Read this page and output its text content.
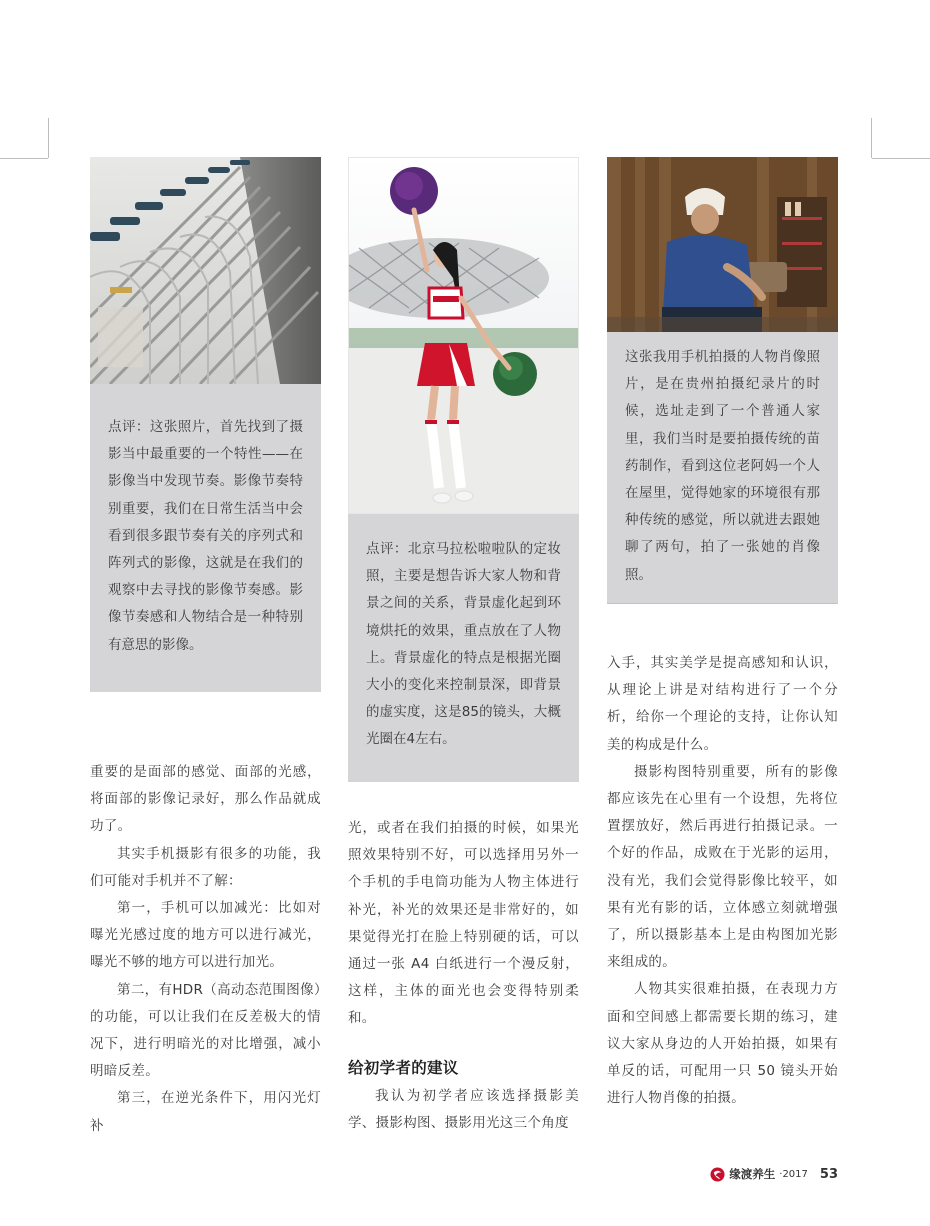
点评：这张照片，首先找到了摄影当中最重要的一个特性——在影像当中发现节奏。影像节奏特别重要，我们在日常生活当中会看到很多跟节奏有关的序列式和阵列式的影像，这就是在我们的观察中去寻找的影像节奏感。影像节奏感和人物结合是一种特别有意思的影像。

点评：北京马拉松啦啦队的定妆照，主要是想告诉大家人物和背景之间的关系，背景虚化起到环境烘托的效果，重点放在了人物上。背景虚化的特点是根据光圈大小的变化来控制景深，即背景的虚实度，这是85的镜头，大概光圈在4左右。

这张我用手机拍摄的人物肖像照片，是在贵州拍摄纪录片的时候，选址走到了一个普通人家里，我们当时是要拍摄传统的苗药制作，看到这位老阿妈一个人在屋里，觉得她家的环境很有那种传统的感觉，所以就进去跟她聊了两句，拍了一张她的肖像照。

重要的是面部的感觉、面部的光感，将面部的影像记录好，那么作品就成功了。

其实手机摄影有很多的功能，我们可能对手机并不了解：

第一，手机可以加减光：比如对曝光光感过度的地方可以进行减光，曝光不够的地方可以进行加光。

第二，有HDR（高动态范围图像）的功能，可以让我们在反差极大的情况下，进行明暗光的对比增强，减小明暗反差。

第三，在逆光条件下，用闪光灯补

光，或者在我们拍摄的时候，如果光照效果特别不好，可以选择用另外一个手机的手电筒功能为人物主体进行补光，补光的效果还是非常好的，如果觉得光打在脸上特别硬的话，可以通过一张 A4 白纸进行一个漫反射，这样，主体的面光也会变得特别柔和。

给初学者的建议

我认为初学者应该选择摄影美学、摄影构图、摄影用光这三个角度

入手，其实美学是提高感知和认识，从理论上讲是对结构进行了一个分析，给你一个理论的支持，让你认知美的构成是什么。

摄影构图特别重要，所有的影像都应该先在心里有一个设想，先将位置摆放好，然后再进行拍摄记录。一个好的作品，成败在于光影的运用，没有光，我们会觉得影像比较平，如果有光有影的话，立体感立刻就增强了，所以摄影基本上是由构图加光影来组成的。

人物其实很难拍摄，在表现力方面和空间感上都需要长期的练习，建议大家从身边的人开始拍摄，如果有单反的话，可配用一只 50 镜头开始进行人物肖像的拍摄。

缘渡养生 ·2017 53
